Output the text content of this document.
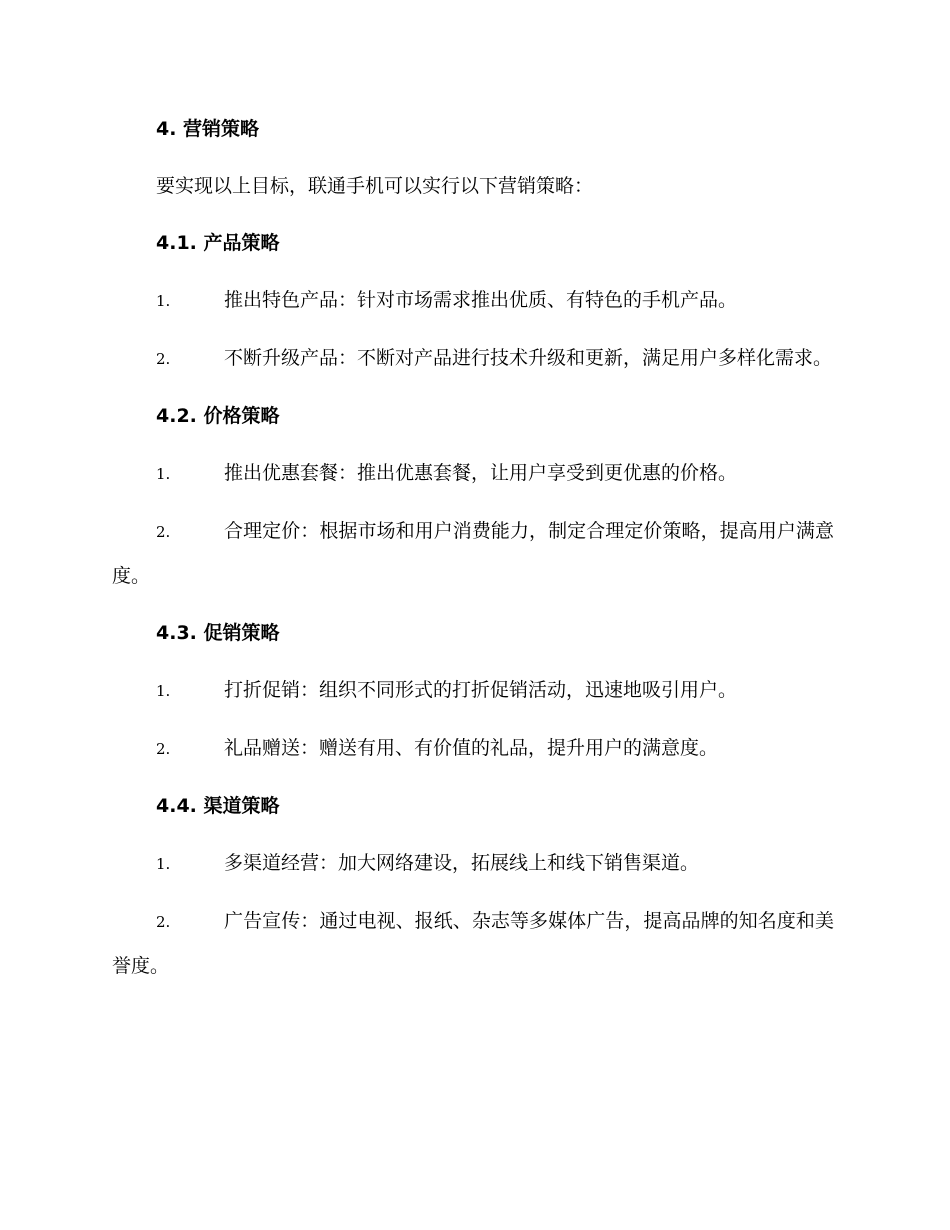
4. 营销策略
要实现以上目标，联通手机可以实行以下营销策略：
4.1. 产品策略
1.	推出特色产品：针对市场需求推出优质、有特色的手机产品。
2.	不断升级产品：不断对产品进行技术升级和更新，满足用户多样化需求。
4.2. 价格策略
1.	推出优惠套餐：推出优惠套餐，让用户享受到更优惠的价格。
2.	合理定价：根据市场和用户消费能力，制定合理定价策略，提高用户满意度。
4.3. 促销策略
1.	打折促销：组织不同形式的打折促销活动，迅速地吸引用户。
2.	礼品赠送：赠送有用、有价值的礼品，提升用户的满意度。
4.4. 渠道策略
1.	多渠道经营：加大网络建设，拓展线上和线下销售渠道。
2.	广告宣传：通过电视、报纸、杂志等多媒体广告，提高品牌的知名度和美誉度。
